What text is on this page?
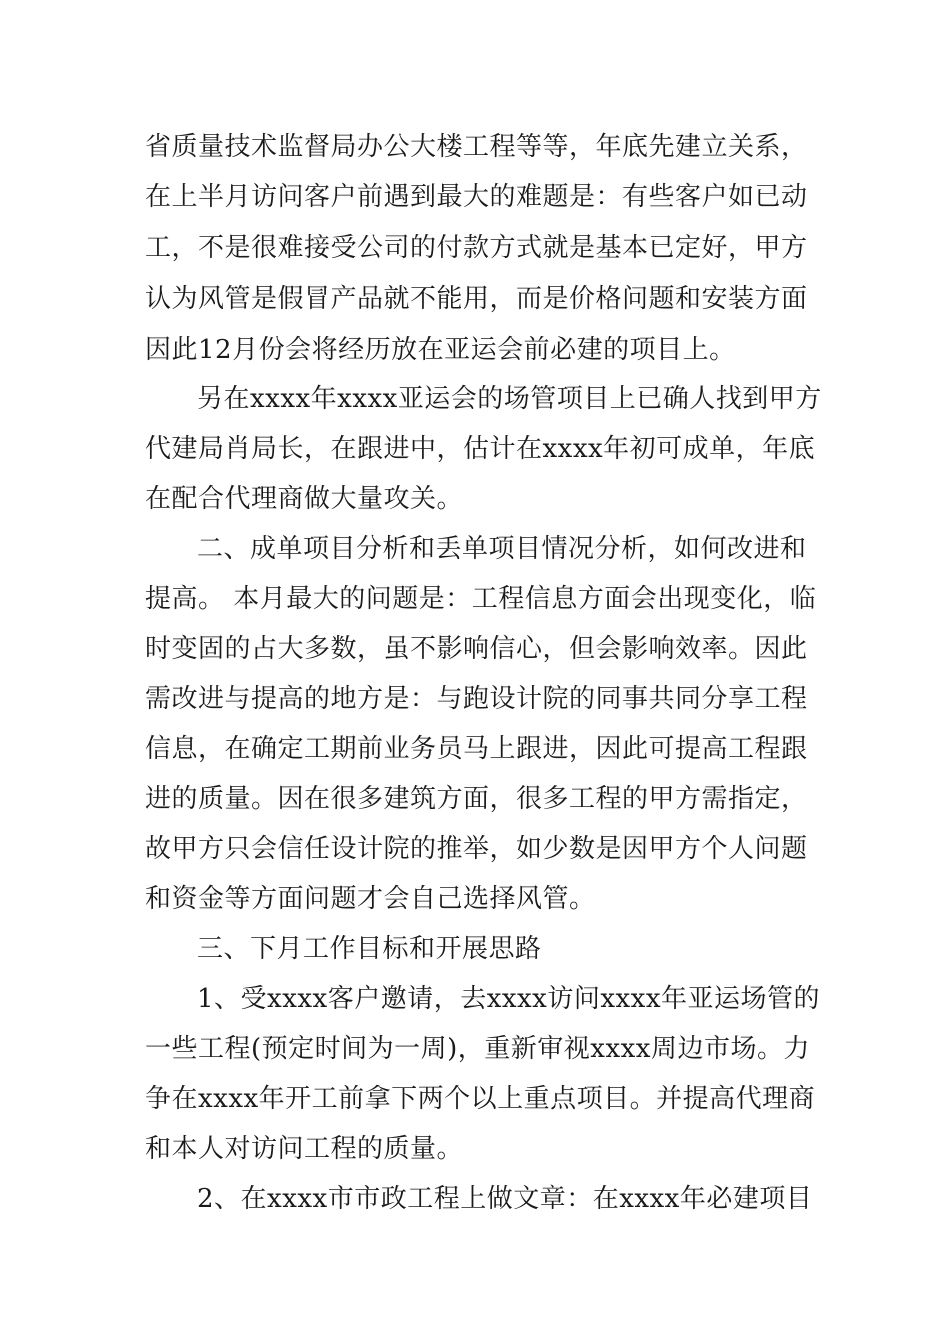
省质量技术监督局办公大楼工程等等，年底先建立关系，
在上半月访问客户前遇到最大的难题是：有些客户如已动
工，不是很难接受公司的付款方式就是基本已定好，甲方
认为风管是假冒产品就不能用，而是价格问题和安装方面
因此12月份会将经历放在亚运会前必建的项目上。
另在xxxx年xxxx亚运会的场管项目上已确人找到甲方
代建局肖局长，在跟进中，估计在xxxx年初可成单，年底
在配合代理商做大量攻关。
二、成单项目分析和丢单项目情况分析，如何改进和
提高。 本月最大的问题是：工程信息方面会出现变化，临
时变固的占大多数，虽不影响信心，但会影响效率。因此
需改进与提高的地方是：与跑设计院的同事共同分享工程
信息，在确定工期前业务员马上跟进，因此可提高工程跟
进的质量。因在很多建筑方面，很多工程的甲方需指定，
故甲方只会信任设计院的推举，如少数是因甲方个人问题
和资金等方面问题才会自己选择风管。
三、下月工作目标和开展思路
1、受xxxx客户邀请，去xxxx访问xxxx年亚运场管的
一些工程(预定时间为一周)，重新审视xxxx周边市场。力
争在xxxx年开工前拿下两个以上重点项目。并提高代理商
和本人对访问工程的质量。
2、在xxxx市市政工程上做文章：在xxxx年必建项目
